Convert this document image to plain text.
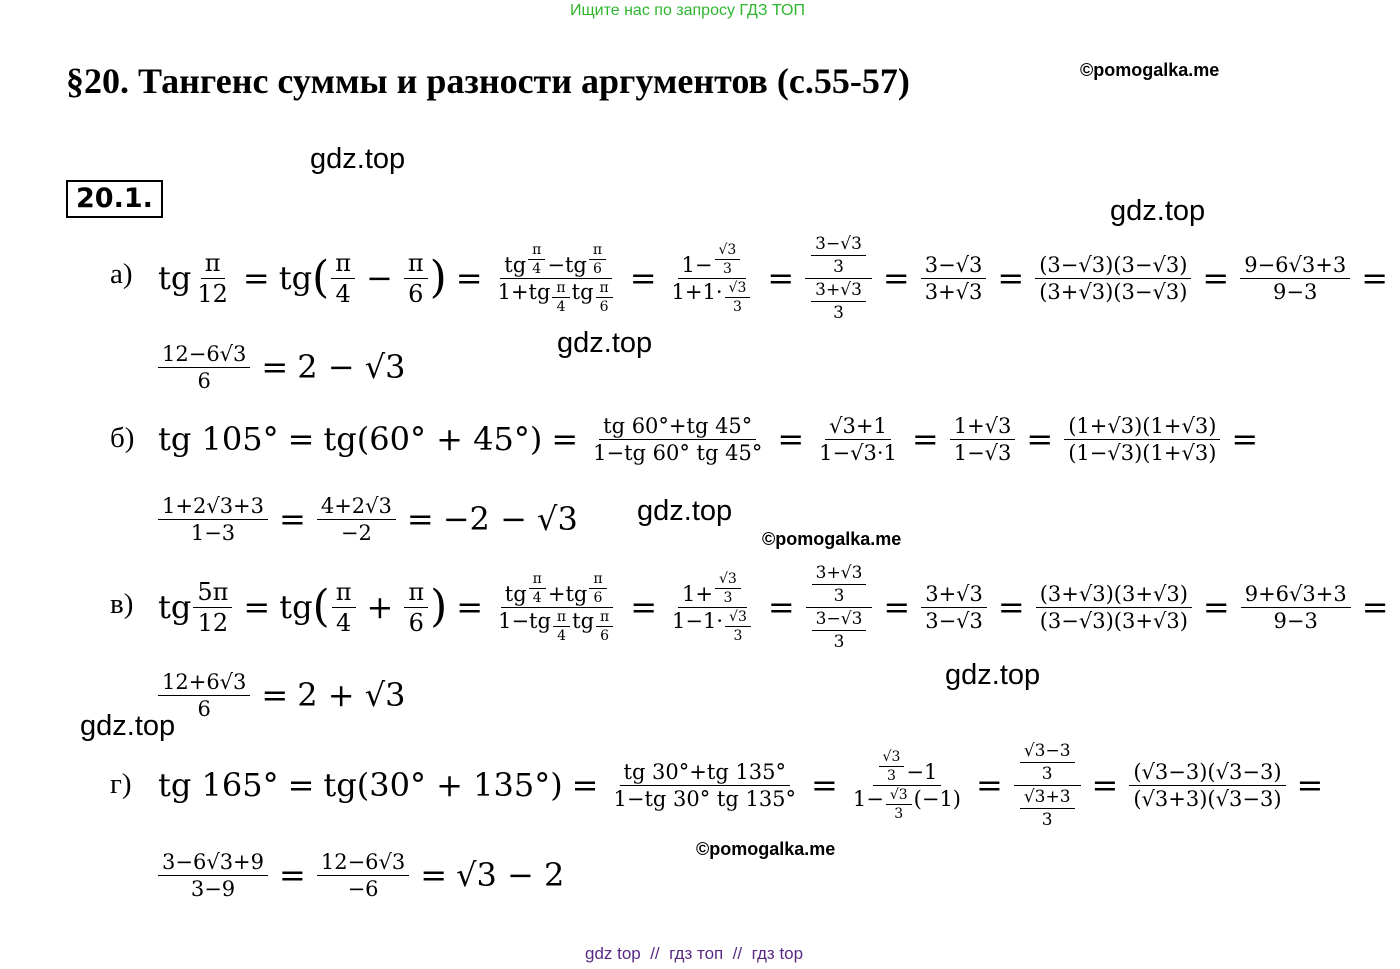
Ищите нас по запросу ГДЗ ТОП
§20. Тангенс суммы и разности аргументов (с.55-57)	©pomogalka.me
20.1.
gdz.top
gdz.top
gdz.top
gdz.top
gdz.top
gdz.top
©pomogalka.me
©pomogalka.me
а) tg $\frac{\pi}{12}$ = tg ( π
$4 - \frac{\pi}{6}$ ) = tg
π
4 −tg
π
6
1+tg π
4
tg π
6
= $1- \frac{√3}{3}$
1+1· √3
3 = 3−√3
3
3+√3
$3 = \frac{3-√3}{3+√3} = \frac{(3-√3)(3-√3)}{(3+√3)(3-√3)} = \frac{9-6√3+3}{9-3}$ =
$\frac{12-6√3}{6} = 2 - √3$
б) tg $105^\circ = tg(60^\circ + 45^\circ) = \frac{tg 60^\circ+tg 45^\circ}{1-tg 60^\circ tg 45^\circ} = \frac{√3+1}{1-√3\cdot 1} = \frac{1+√3}{1-√3} = \frac{(1+√3)(1+√3)}{(1-√3)(1+√3)}$ =
$\frac{1+2√3+3}{1-3} = \frac{4+2√3}{-2} = -2 - √3$
в) tg $\frac{5\pi}{12}$ = tg ( π
$4 + \frac{\pi}{6}$ ) = tg
π
4 +tg
π
6
1−tg π
4
tg π
6
= $1+ \frac{√3}{3}$
1−1· √3
3 = 3+√3
3
3−√3
$3 = \frac{3+√3}{3-√3} = \frac{(3+√3)(3+√3)}{(3-√3)(3+√3)} = \frac{9+6√3+3}{9-3}$ =
$\frac{12+6√3}{6} = 2 + √3$
г) tg $165^\circ = tg(30^\circ + 135^\circ) = \frac{tg 30^\circ+tg 135^\circ}{1-tg 30^\circ tg 135^\circ} = √3$
3 −1
$1- \frac{√3}{3} (-1) = √3-3$
3
√3+3
$3 = \frac{(√3-3)(√3-3)}{(√3+3)(√3-3)}$ =
$\frac{3-6√3+9}{3-9} = \frac{12-6√3}{-6} = √3 - 2$
gdz top  //  гдз топ  //  гдз top
